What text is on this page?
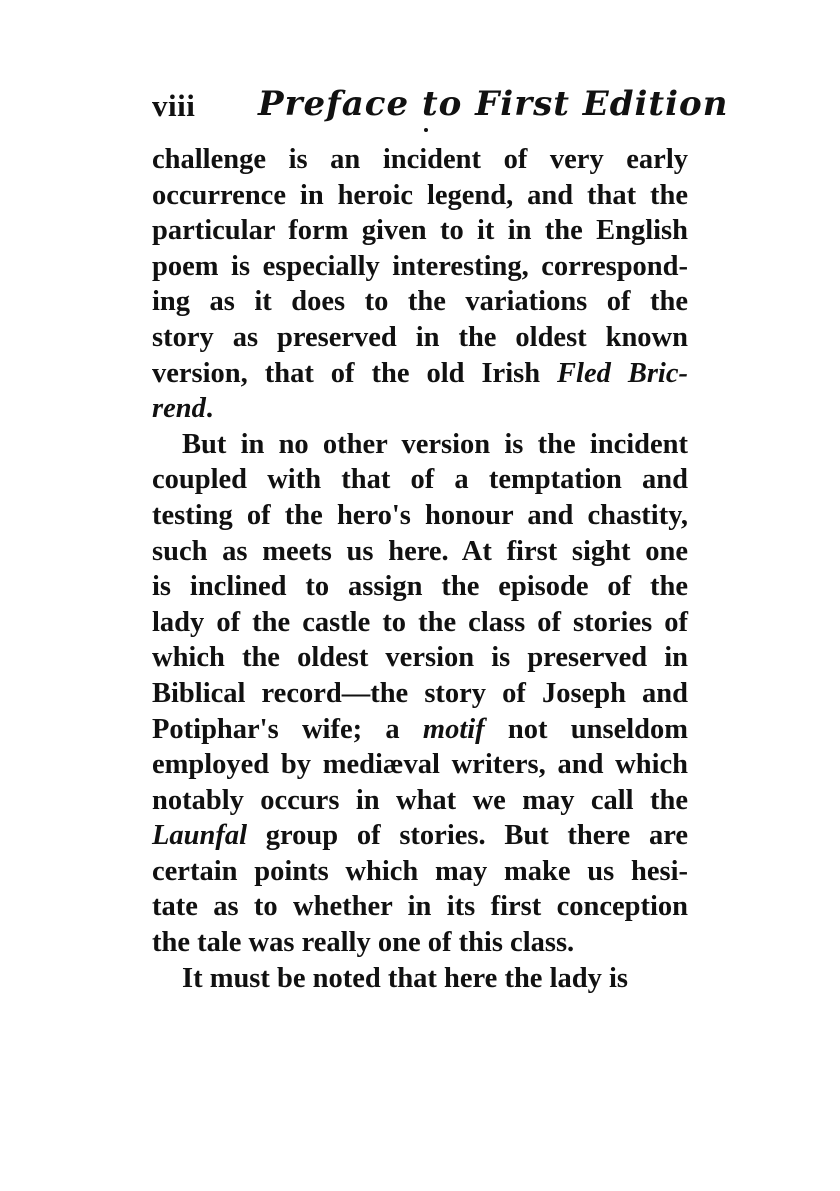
viii Preface to First Edition
challenge is an incident of very early
occurrence in heroic legend, and that the
particular form given to it in the English
poem is especially interesting, correspond-
ing as it does to the variations of the
story as preserved in the oldest known
version, that of the old Irish Fled Bric-
rend.
But in no other version is the incident
coupled with that of a temptation and
testing of the hero's honour and chastity,
such as meets us here. At first sight one
is inclined to assign the episode of the
lady of the castle to the class of stories of
which the oldest version is preserved in
Biblical record—the story of Joseph and
Potiphar's wife; a motif not unseldom
employed by mediæval writers, and which
notably occurs in what we may call the
Launfal group of stories. But there are
certain points which may make us hesi-
tate as to whether in its first conception
the tale was really one of this class.
It must be noted that here the lady is
